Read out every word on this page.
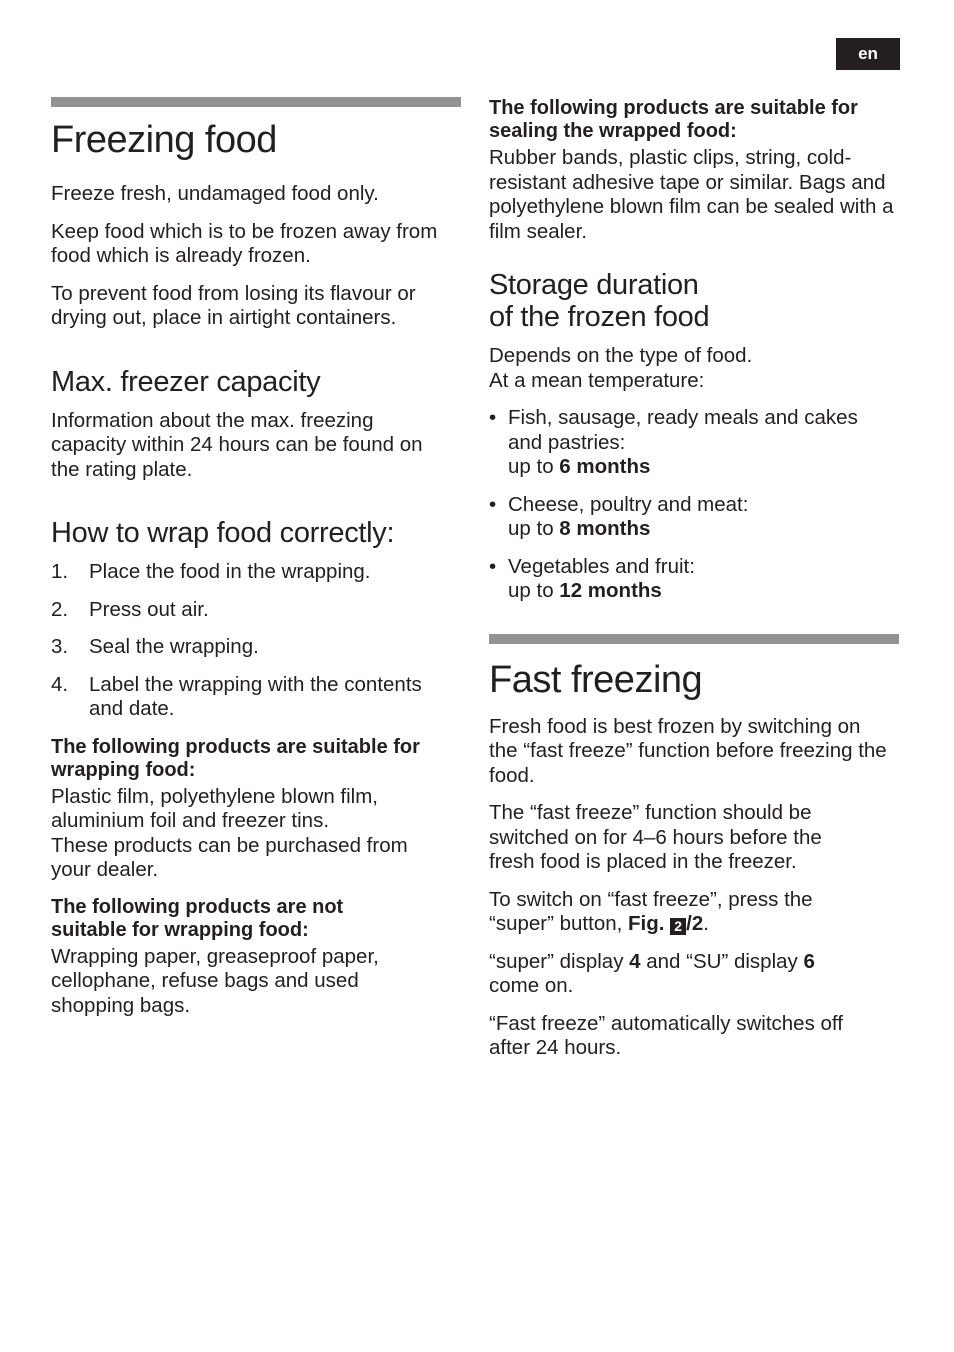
en
Freezing food

Freeze fresh, undamaged food only.

Keep food which is to be frozen away from food which is already frozen.

To prevent food from losing its flavour or drying out, place in airtight containers.

Max. freezer capacity

Information about the max. freezing capacity within 24 hours can be found on the rating plate.

How to wrap food correctly:
1.	Place the food in the wrapping.
2.	Press out air.
3.	Seal the wrapping.
4.	Label the wrapping with the contents and date.

The following products are suitable for wrapping food:

Plastic film, polyethylene blown film, aluminium foil and freezer tins.

These products can be purchased from your dealer.

The following products are not suitable for wrapping food:

Wrapping paper, greaseproof paper, cellophane, refuse bags and used shopping bags.

The following products are suitable for sealing the wrapped food:

Rubber bands, plastic clips, string, cold-resistant adhesive tape or similar. Bags and polyethylene blown film can be sealed with a film sealer.

Storage duration
of the frozen food

Depends on the type of food.
At a mean temperature:

• Fish, sausage, ready meals and cakes and pastries:
up to 6 months
• Cheese, poultry and meat:
up to 8 months
• Vegetables and fruit:
up to 12 months
Fast freezing

Fresh food is best frozen by switching on the “fast freeze” function before freezing the food.

The “fast freeze” function should be switched on for 4–6 hours before the fresh food is placed in the freezer.

To switch on “fast freeze”, press the “super” button, Fig. 2 /2.

“super” display 4 and “SU” display 6 come on.

“Fast freeze” automatically switches off after 24 hours.
